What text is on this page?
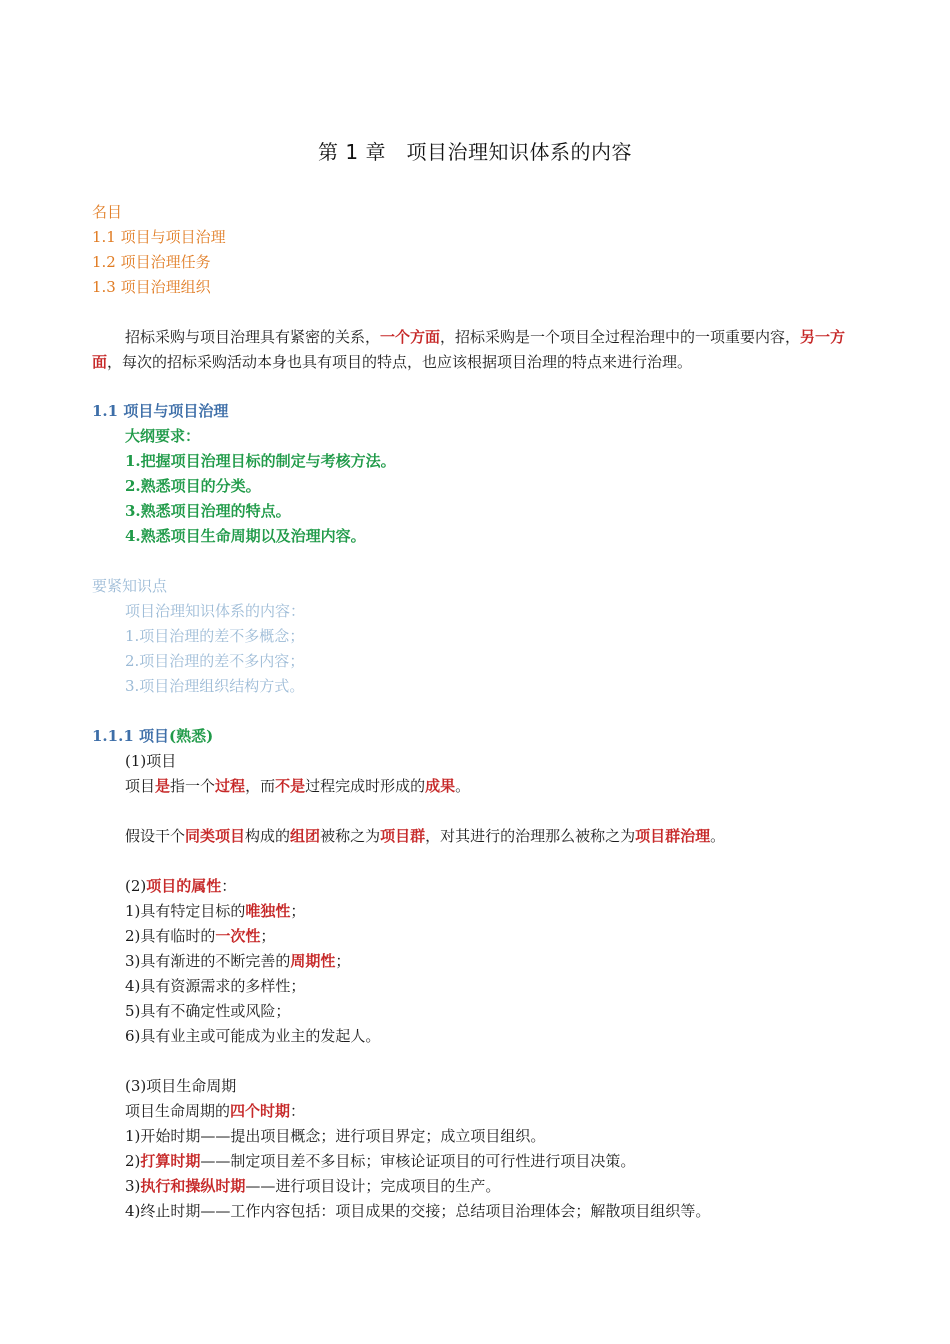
第 1 章　项目治理知识体系的内容
名目
1.1 项目与项目治理
1.2 项目治理任务
1.3 项目治理组织
招标采购与项目治理具有紧密的关系，一个方面，招标采购是一个项目全过程治理中的一项重要内容，另一方面，每次的招标采购活动本身也具有项目的特点，也应该根据项目治理的特点来进行治理。
1.1 项目与项目治理
大纲要求：
1.把握项目治理目标的制定与考核方法。
2.熟悉项目的分类。
3.熟悉项目治理的特点。
4.熟悉项目生命周期以及治理内容。
要紧知识点
项目治理知识体系的内容：
1.项目治理的差不多概念；
2.项目治理的差不多内容；
3.项目治理组织结构方式。
1.1.1 项目(熟悉)
(1)项目
项目是指一个过程，而不是过程完成时形成的成果。
假设干个同类项目构成的组团被称之为项目群，对其进行的治理那么被称之为项目群治理。
(2)项目的属性：
1)具有特定目标的唯独性；
2)具有临时的一次性；
3)具有渐进的不断完善的周期性；
4)具有资源需求的多样性；
5)具有不确定性或风险；
6)具有业主或可能成为业主的发起人。
(3)项目生命周期
项目生命周期的四个时期：
1)开始时期——提出项目概念；进行项目界定；成立项目组织。
2)打算时期——制定项目差不多目标；审核论证项目的可行性进行项目决策。
3)执行和操纵时期——进行项目设计；完成项目的生产。
4)终止时期——工作内容包括：项目成果的交接；总结项目治理体会；解散项目组织等。
